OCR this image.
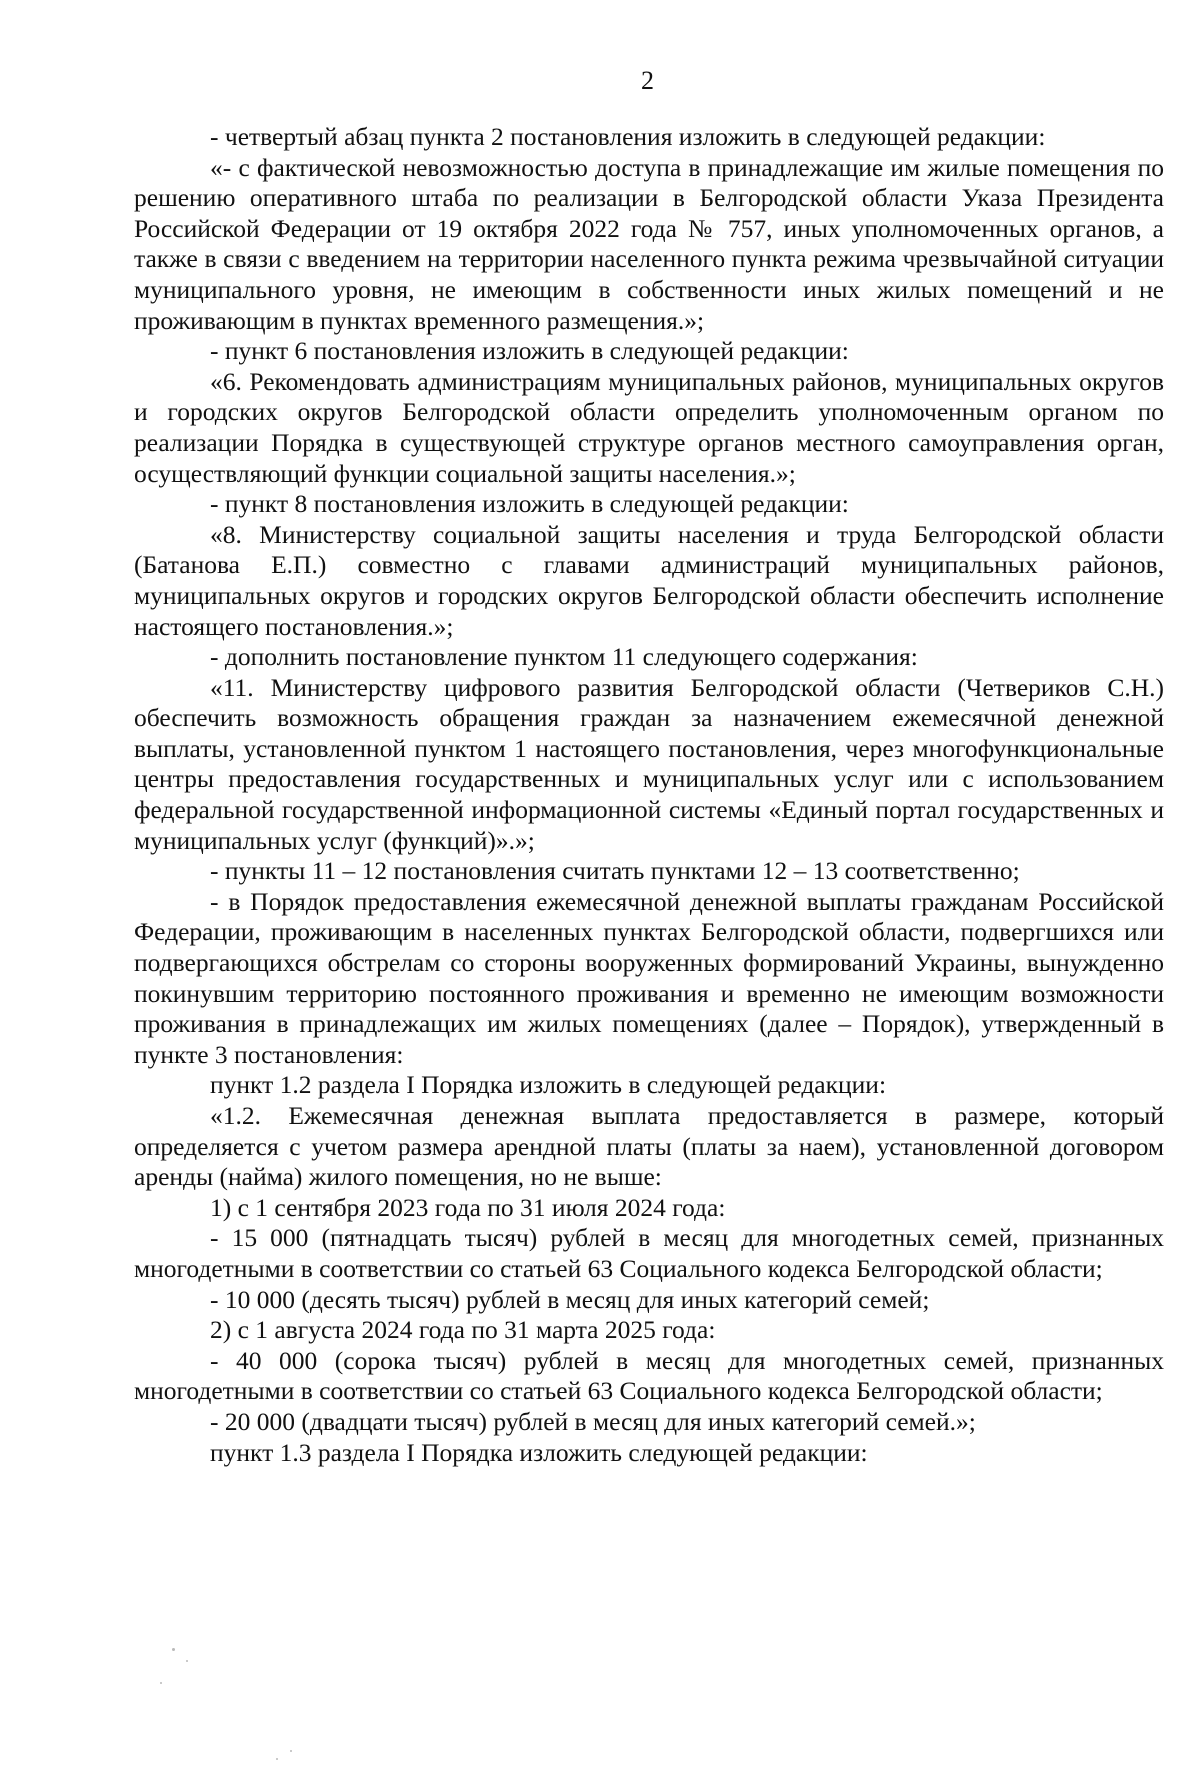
2

- четвертый абзац пункта 2 постановления изложить в следующей редакции:

«- с фактической невозможностью доступа в принадлежащие им жилые помещения по решению оперативного штаба по реализации в Белгородской области Указа Президента Российской Федерации от 19 октября 2022 года № 757, иных уполномоченных органов, а также в связи с введением на территории населенного пункта режима чрезвычайной ситуации муниципального уровня, не имеющим в собственности иных жилых помещений и не проживающим в пунктах временного размещения.»;

- пункт 6 постановления изложить в следующей редакции:

«6. Рекомендовать администрациям муниципальных районов, муниципальных округов и городских округов Белгородской области определить уполномоченным органом по реализации Порядка в существующей структуре органов местного самоуправления орган, осуществляющий функции социальной защиты населения.»;

- пункт 8 постановления изложить в следующей редакции:

«8. Министерству социальной защиты населения и труда Белгородской области (Батанова Е.П.) совместно с главами администраций муниципальных районов, муниципальных округов и городских округов Белгородской области обеспечить исполнение настоящего постановления.»;

- дополнить постановление пунктом 11 следующего содержания:

«11. Министерству цифрового развития Белгородской области (Четвериков С.Н.) обеспечить возможность обращения граждан за назначением ежемесячной денежной выплаты, установленной пунктом 1 настоящего постановления, через многофункциональные центры предоставления государственных и муниципальных услуг или с использованием федеральной государственной информационной системы «Единый портал государственных и муниципальных услуг (функций)».»;

- пункты 11 – 12 постановления считать пунктами 12 – 13 соответственно;

- в Порядок предоставления ежемесячной денежной выплаты гражданам Российской Федерации, проживающим в населенных пунктах Белгородской области, подвергшихся или подвергающихся обстрелам со стороны вооруженных формирований Украины, вынужденно покинувшим территорию постоянного проживания и временно не имеющим возможности проживания в принадлежащих им жилых помещениях (далее – Порядок), утвержденный в пункте 3 постановления:

пункт 1.2 раздела I Порядка изложить в следующей редакции:

«1.2. Ежемесячная денежная выплата предоставляется в размере, который определяется с учетом размера арендной платы (платы за наем), установленной договором аренды (найма) жилого помещения, но не выше:

1) с 1 сентября 2023 года по 31 июля 2024 года:

- 15 000 (пятнадцать тысяч) рублей в месяц для многодетных семей, признанных многодетными в соответствии со статьей 63 Социального кодекса Белгородской области;

- 10 000 (десять тысяч) рублей в месяц для иных категорий семей;

2) с 1 августа 2024 года по 31 марта 2025 года:

- 40 000 (сорока тысяч) рублей в месяц для многодетных семей, признанных многодетными в соответствии со статьей 63 Социального кодекса Белгородской области;

- 20 000 (двадцати тысяч) рублей в месяц для иных категорий семей.»;

пункт 1.3 раздела I Порядка изложить следующей редакции:
